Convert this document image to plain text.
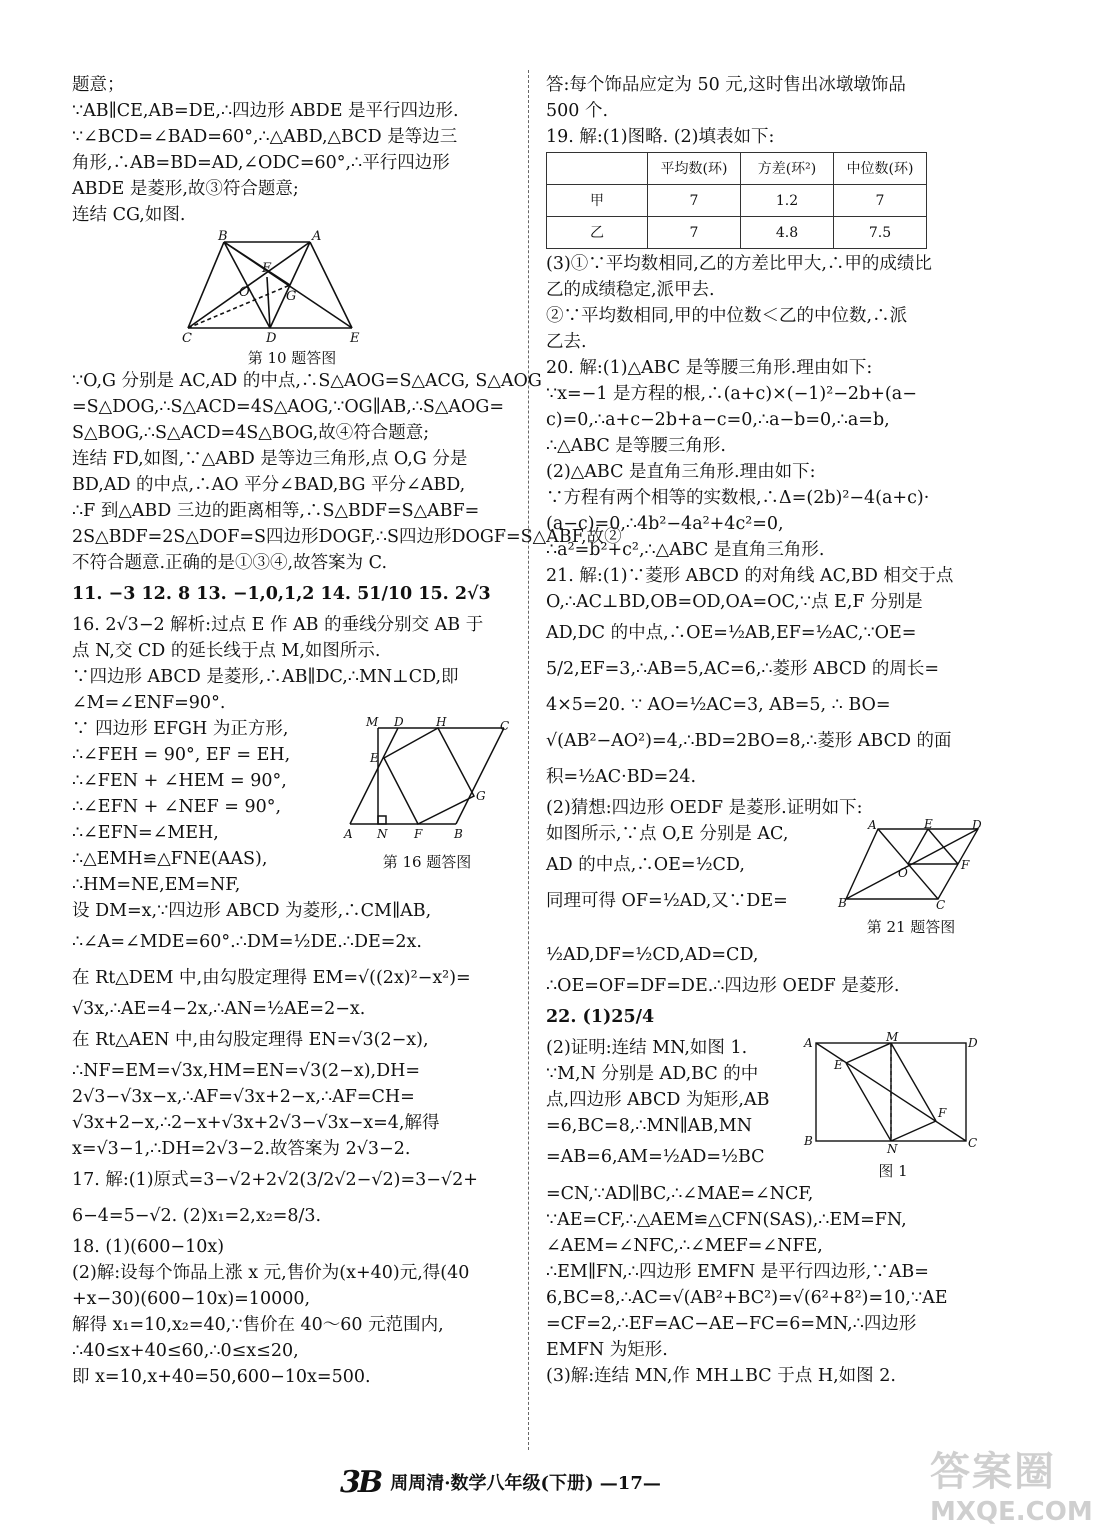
题意；
∵AB∥CE,AB=DE,∴四边形 ABDE 是平行四边形.
∵∠BCD=∠BAD=60°,∴△ABD,△BCD 是等边三
角形,∴AB=BD=AD,∠ODC=60°,∴平行四边形
ABDE 是菱形,故③符合题意;
连结 CG,如图.
B	A
F
O	G
C	D	E
第 10 题答图
∵O,G 分别是 AC,AD 的中点,∴S△AOG=S△ACG, S△AOG
=S△DOG,∴S△ACD=4S△AOG,∵OG∥AB,∴S△AOG=
S△BOG,∴S△ACD=4S△BOG,故④符合题意;
连结 FD,如图,∵△ABD 是等边三角形,点 O,G 分是
BD,AD 的中点,∴AO 平分∠BAD,BG 平分∠ABD,
∴F 到△ABD 三边的距离相等,∴S△BDF=S△ABF=
2S△BDF=2S△DOF=S四边形DOGF,∴S四边形DOGF=S△ABF,故②
不符合题意.正确的是①③④,故答案为 C.
11. −3 12. 8 13. −1,0,1,2 14. 51/10 15. 2√3
16. 2√3−2 解析:过点 E 作 AB 的垂线分别交 AB 于
点 N,交 CD 的延长线于点 M,如图所示.
∵四边形 ABCD 是菱形,∴AB∥DC,∴MN⊥CD,即
∠M=∠ENF=90°.
∵ 四边形 EFGH 为正方形,
∴∠FEH = 90°, EF = EH,
∴∠FEN + ∠HEM = 90°,
∴∠EFN + ∠NEF = 90°,
∴∠EFN=∠MEH,
∴△EMH≌△FNE(AAS),
∴HM=NE,EM=NF,
M D	H	C
E
G
A N F	B
第 16 题答图
设 DM=x,∵四边形 ABCD 为菱形,∴CM∥AB,
∴∠A=∠MDE=60°.∴DM=½DE.∴DE=2x.
在 Rt△DEM 中,由勾股定理得 EM=√((2x)²−x²)=
√3x,∴AE=4−2x,∴AN=½AE=2−x.
在 Rt△AEN 中,由勾股定理得 EN=√3(2−x),
∴NF=EM=√3x,HM=EN=√3(2−x),DH=
2√3−√3x−x,∴AF=√3x+2−x,∴AF=CH=
√3x+2−x,∴2−x+√3x+2√3−√3x−x=4,解得
x=√3−1,∴DH=2√3−2.故答案为 2√3−2.
17. 解:(1)原式=3−√2+2√2(3/2√2−√2)=3−√2+
6−4=5−√2. (2)x₁=2,x₂=8/3.
18. (1)(600−10x)
(2)解:设每个饰品上涨 x 元,售价为(x+40)元,得(40
+x−30)(600−10x)=10000,
解得 x₁=10,x₂=40,∵售价在 40～60 元范围内,
∴40≤x+40≤60,∴0≤x≤20,
即 x=10,x+40=50,600−10x=500.
答:每个饰品应定为 50 元,这时售出冰墩墩饰品
500 个.
19. 解:(1)图略. (2)填表如下:
	平均数(环)	方差(环²)	中位数(环)
甲	7	1.2	7
乙	7	4.8	7.5
(3)①∵平均数相同,乙的方差比甲大,∴甲的成绩比
乙的成绩稳定,派甲去.
②∵平均数相同,甲的中位数＜乙的中位数,∴派
乙去.
20. 解:(1)△ABC 是等腰三角形.理由如下:
∵x=−1 是方程的根,∴(a+c)×(−1)²−2b+(a−
c)=0,∴a+c−2b+a−c=0,∴a−b=0,∴a=b,
∴△ABC 是等腰三角形.
(2)△ABC 是直角三角形.理由如下:
∵方程有两个相等的实数根,∴Δ=(2b)²−4(a+c)·
(a−c)=0,∴4b²−4a²+4c²=0,
∴a²=b²+c²,∴△ABC 是直角三角形.
21. 解:(1)∵菱形 ABCD 的对角线 AC,BD 相交于点
O,∴AC⊥BD,OB=OD,OA=OC,∵点 E,F 分别是
AD,DC 的中点,∴OE=½AB,EF=½AC,∵OE=
5/2,EF=3,∴AB=5,AC=6,∴菱形 ABCD 的周长=
4×5=20. ∵ AO=½AC=3, AB=5, ∴ BO=
√(AB²−AO²)=4,∴BD=2BO=8,∴菱形 ABCD 的面
积=½AC·BD=24.
(2)猜想:四边形 OEDF 是菱形.证明如下:
如图所示,∵点 O,E 分别是 AC,
AD 的中点,∴OE=½CD,
同理可得 OF=½AD,又∵DE=
A	E	D
F
O
B	C
第 21 题答图
½AD,DF=½CD,AD=CD,
∴OE=OF=DF=DE.∴四边形 OEDF 是菱形.
22. (1)25/4
(2)证明:连结 MN,如图 1.
∵M,N 分别是 AD,BC 的中
点,四边形 ABCD 为矩形,AB
=6,BC=8,∴MN∥AB,MN
=AB=6,AM=½AD=½BC
A	M	D
E
F
B
N	C
图 1
=CN,∵AD∥BC,∴∠MAE=∠NCF,
∵AE=CF,∴△AEM≌△CFN(SAS),∴EM=FN,
∠AEM=∠NFC,∴∠MEF=∠NFE,
∴EM∥FN,∴四边形 EMFN 是平行四边形,∵AB=
6,BC=8,∴AC=√(AB²+BC²)=√(6²+8²)=10,∵AE
=CF=2,∴EF=AC−AE−FC=6=MN,∴四边形
EMFN 为矩形.
(3)解:连结 MN,作 MH⊥BC 于点 H,如图 2.
3B 周周清·数学八年级(下册) —17—	答案圈
MXQE.COM
